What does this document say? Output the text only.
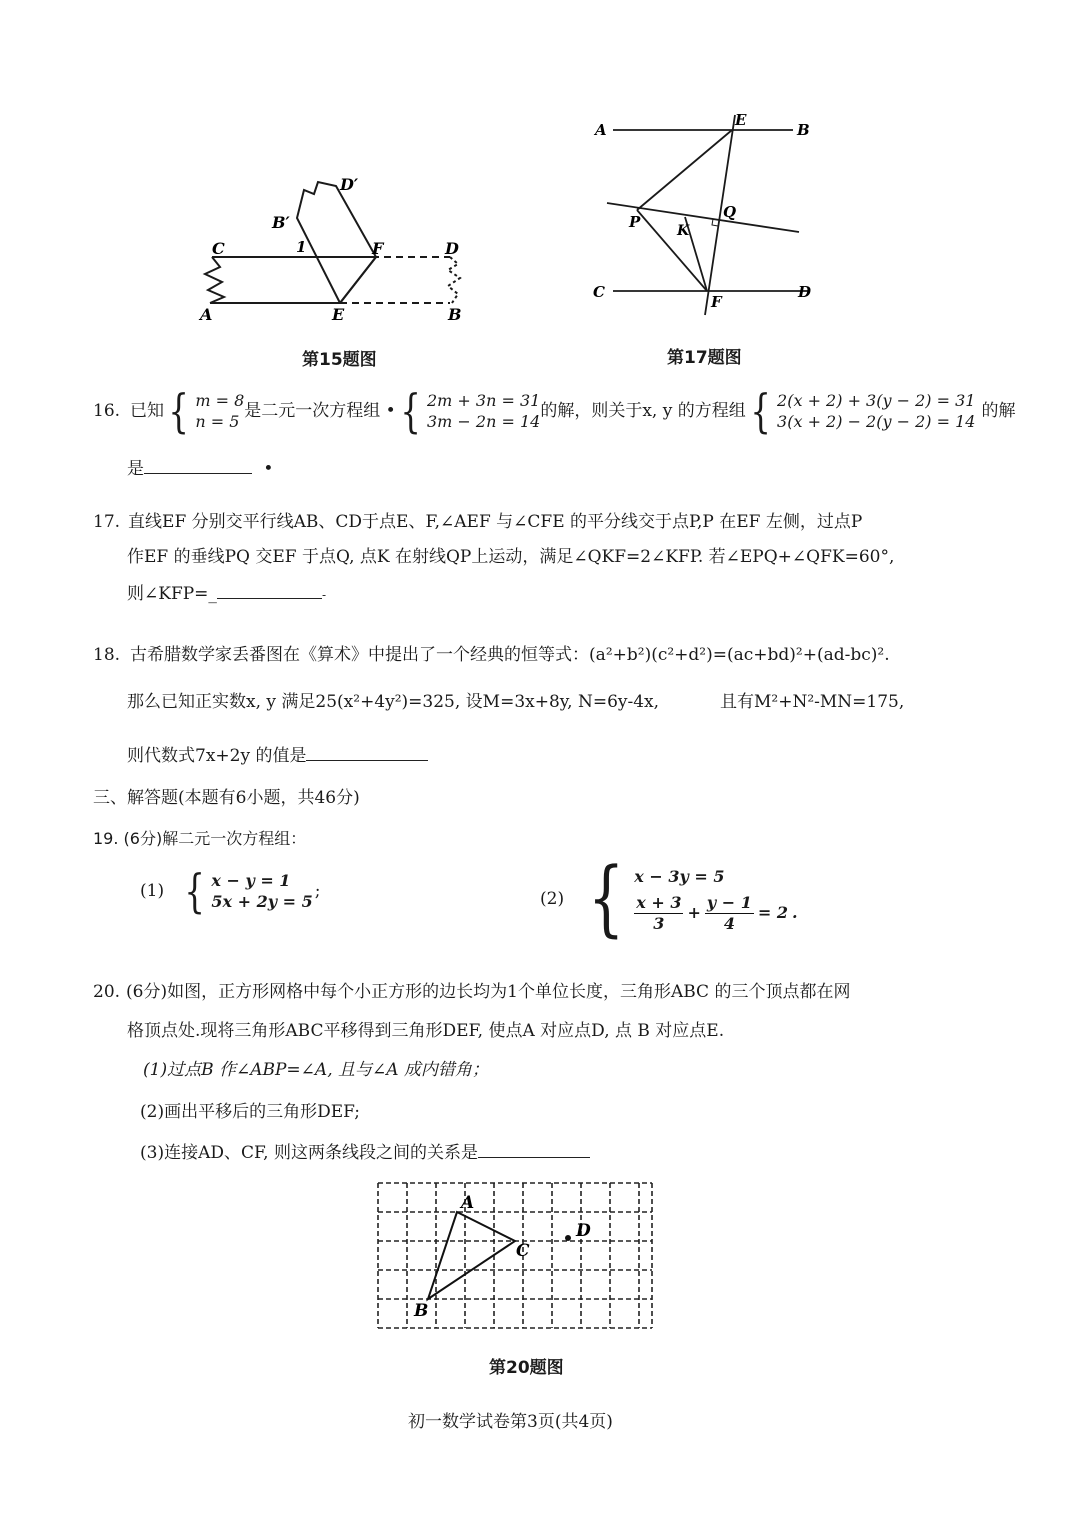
C	D
B′
D′
1	F
A	E	B
第15题图
A
E
B
P	K
Q
C
F
D
第17题图
16. 已知 { m = 8
n = 5
是二元一次方程组 • { 2m + 3n = 31
3m − 2n = 14
的解，则关于x, y 的方程组 { 2(x + 2) + 3(y − 2) = 31
3(x + 2) − 2(y − 2) = 14
的解
是	•
17. 直线EF 分别交平行线AB、CD于点E、F,∠AEF 与∠CFE 的平分线交于点P,P 在EF 左侧，过点P
作EF 的垂线PQ 交EF 于点Q, 点K 在射线QP上运动，满足∠QKF=2∠KFP. 若∠EPQ+∠QFK=60°,
则∠KFP=_	-
18. 古希腊数学家丢番图在《算术》中提出了一个经典的恒等式：(a²+b²)(c²+d²)=(ac+bd)²+(ad-bc)².
那么已知正实数x, y 满足25(x²+4y²)=325, 设M=3x+8y, N=6y-4x,	且有M²+N²-MN=175,
则代数式7x+2y 的值是
三、解答题(本题有6小题，共46分)
19. (6分)解二元一次方程组：
(1) { x − y = 1
5x + 2y = 5
;	(2) { x − 3y = 5
$\frac{x + 3}{3} + \frac{y - 1}{4} = 2$ .
20. (6分)如图，正方形网格中每个小正方形的边长均为1个单位长度，三角形ABC 的三个顶点都在网
格顶点处.现将三角形ABC平移得到三角形DEF, 使点A 对应点D, 点 B 对应点E.
(1)过点B 作∠ABP=∠A, 且与∠A 成内错角；
(2)画出平移后的三角形DEF;
(3)连接AD、CF, 则这两条线段之间的关系是
A
B
C
D
第20题图
初一数学试卷第3页(共4页)
